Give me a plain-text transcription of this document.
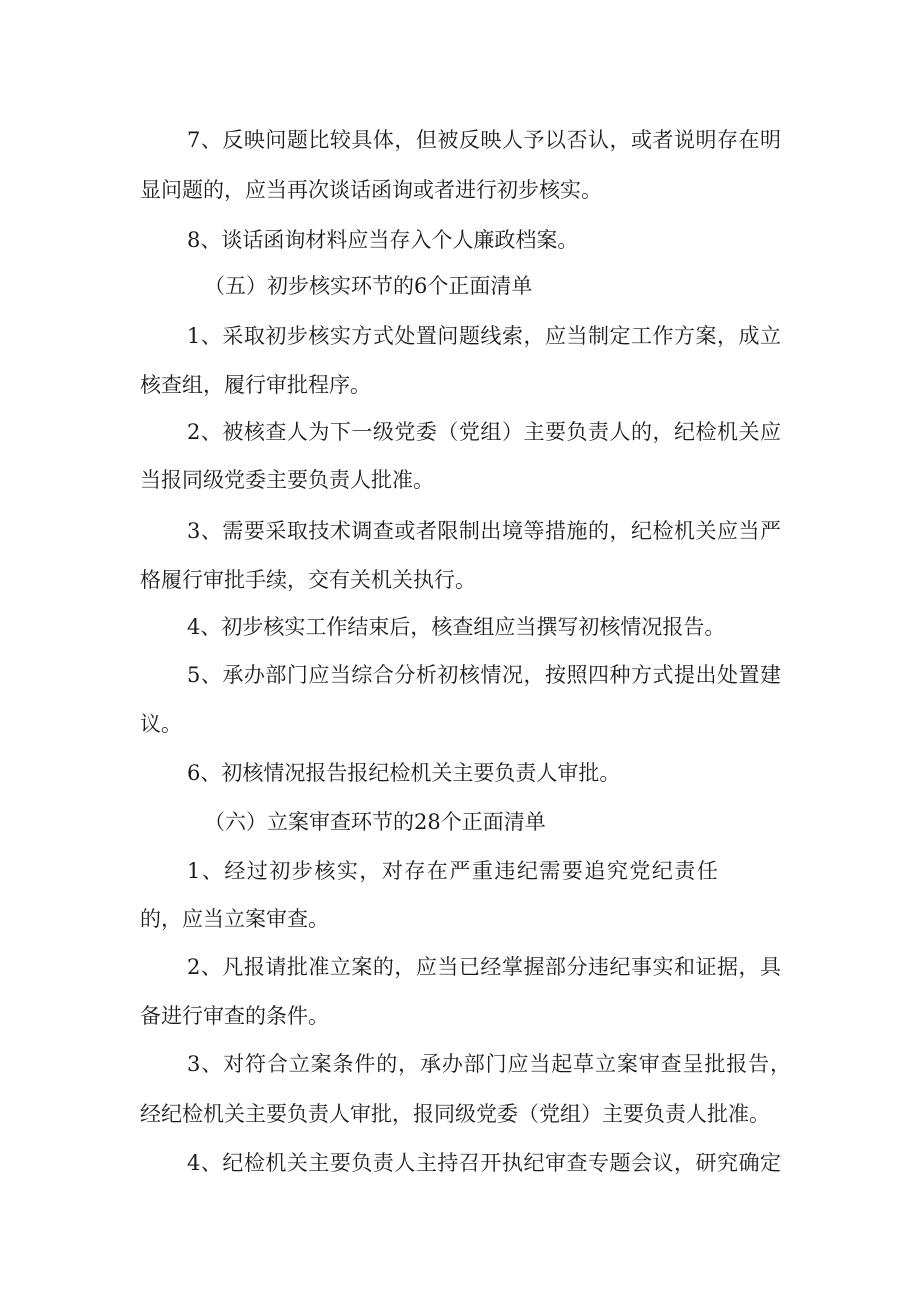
7、反映问题比较具体，但被反映人予以否认，或者说明存在明

显问题的，应当再次谈话函询或者进行初步核实。

8、谈话函询材料应当存入个人廉政档案。

（五）初步核实环节的6个正面清单

1、采取初步核实方式处置问题线索，应当制定工作方案，成立

核查组，履行审批程序。

2、被核查人为下一级党委（党组）主要负责人的，纪检机关应

当报同级党委主要负责人批准。

3、需要采取技术调查或者限制出境等措施的，纪检机关应当严

格履行审批手续，交有关机关执行。

4、初步核实工作结束后，核查组应当撰写初核情况报告。

5、承办部门应当综合分析初核情况，按照四种方式提出处置建

议。

6、初核情况报告报纪检机关主要负责人审批。

（六）立案审查环节的28个正面清单

1、经过初步核实，对存在严重违纪需要追究党纪责任

的，应当立案审查。

2、凡报请批准立案的，应当已经掌握部分违纪事实和证据，具

备进行审查的条件。

3、对符合立案条件的，承办部门应当起草立案审查呈批报告，

经纪检机关主要负责人审批，报同级党委（党组）主要负责人批准。

4、纪检机关主要负责人主持召开执纪审查专题会议，研究确定
